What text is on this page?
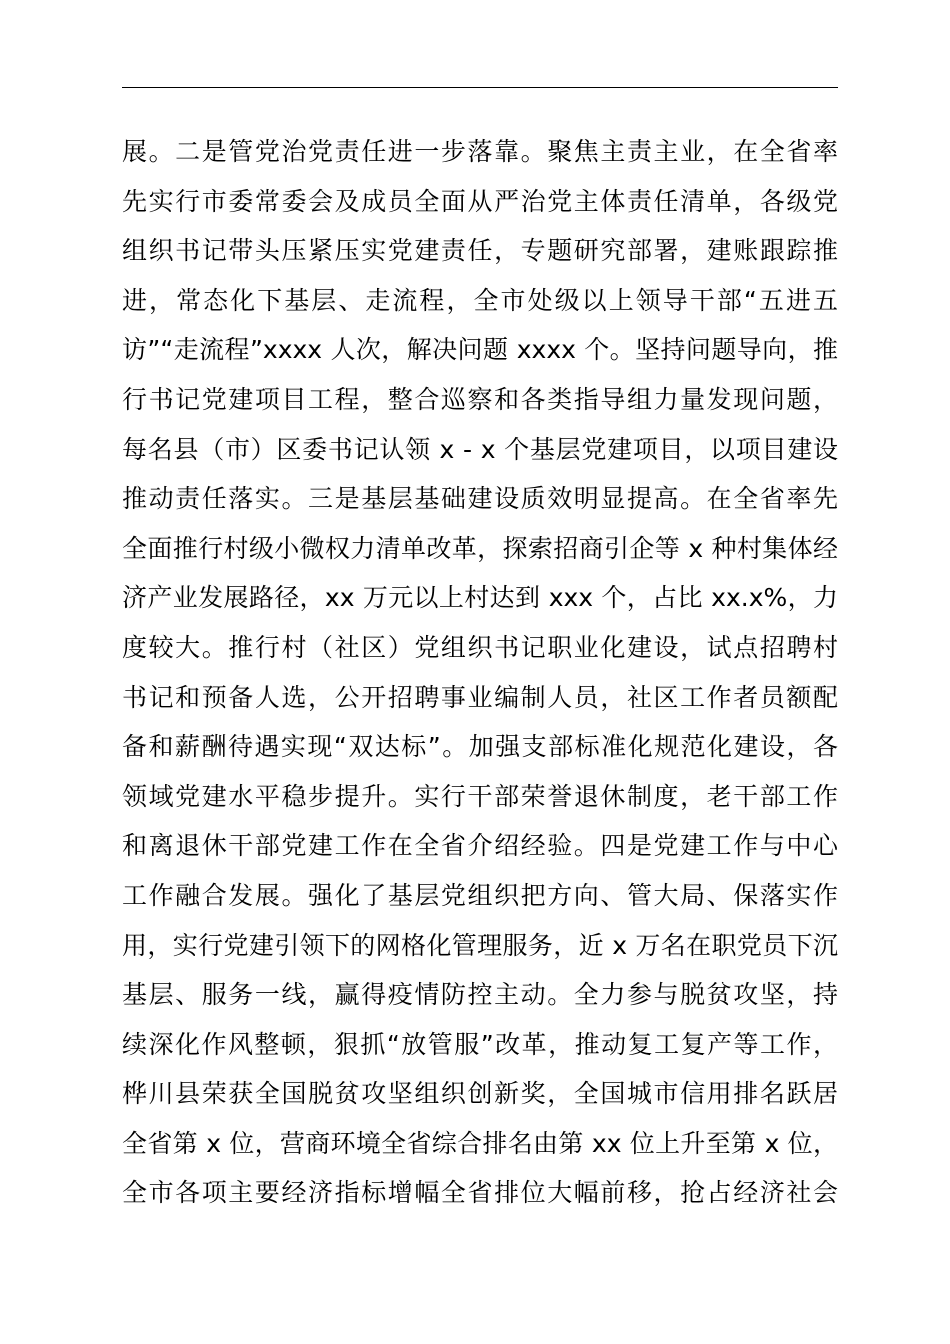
展。二是管党治党责任进一步落靠。聚焦主责主业，在全省率
先实行市委常委会及成员全面从严治党主体责任清单，各级党
组织书记带头压紧压实党建责任，专题研究部署，建账跟踪推
进，常态化下基层、走流程，全市处级以上领导干部“五进五
访”“走流程”xxxx 人次，解决问题 xxxx 个。坚持问题导向，推
行书记党建项目工程，整合巡察和各类指导组力量发现问题，
每名县（市）区委书记认领 x - x 个基层党建项目，以项目建设
推动责任落实。三是基层基础建设质效明显提高。在全省率先
全面推行村级小微权力清单改革，探索招商引企等 x 种村集体经
济产业发展路径，xx 万元以上村达到 xxx 个，占比 xx.x%，力
度较大。推行村（社区）党组织书记职业化建设，试点招聘村
书记和预备人选，公开招聘事业编制人员，社区工作者员额配
备和薪酬待遇实现“双达标”。加强支部标准化规范化建设，各
领域党建水平稳步提升。实行干部荣誉退休制度，老干部工作
和离退休干部党建工作在全省介绍经验。四是党建工作与中心
工作融合发展。强化了基层党组织把方向、管大局、保落实作
用，实行党建引领下的网格化管理服务，近 x 万名在职党员下沉
基层、服务一线，赢得疫情防控主动。全力参与脱贫攻坚，持
续深化作风整顿，狠抓“放管服”改革，推动复工复产等工作，
桦川县荣获全国脱贫攻坚组织创新奖，全国城市信用排名跃居
全省第 x 位，营商环境全省综合排名由第 xx 位上升至第 x 位，
全市各项主要经济指标增幅全省排位大幅前移，抢占经济社会
